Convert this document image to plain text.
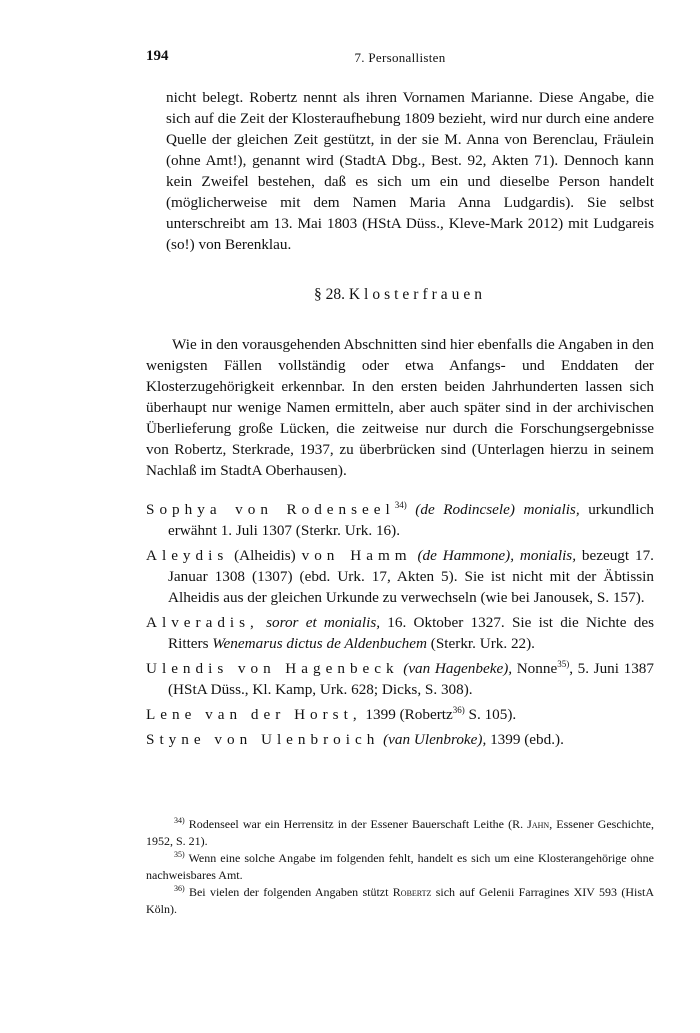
194	7. Personallisten

nicht belegt. Robertz nennt als ihren Vornamen Marianne. Diese Angabe, die sich auf die Zeit der Klosteraufhebung 1809 bezieht, wird nur durch eine andere Quelle der gleichen Zeit gestützt, in der sie M. Anna von Berenclau, Fräulein (ohne Amt!), genannt wird (StadtA Dbg., Best. 92, Akten 71). Dennoch kann kein Zweifel bestehen, daß es sich um ein und dieselbe Person handelt (möglicherweise mit dem Namen Maria Anna Ludgardis). Sie selbst unterschreibt am 13. Mai 1803 (HStA Düss., Kleve-Mark 2012) mit Ludgareis (so!) von Berenklau.

§ 28. Klosterfrauen

Wie in den vorausgehenden Abschnitten sind hier ebenfalls die Angaben in den wenigsten Fällen vollständig oder etwa Anfangs- und Enddaten der Klosterzugehörigkeit erkennbar. In den ersten beiden Jahrhunderten lassen sich überhaupt nur wenige Namen ermitteln, aber auch später sind in der archivischen Überlieferung große Lücken, die zeitweise nur durch die Forschungsergebnisse von Robertz, Sterkrade, 1937, zu überbrücken sind (Unterlagen hierzu in seinem Nachlaß im StadtA Oberhausen).

Sophya von Rodenseel$^{34)}$ (de Rodincsele) monialis, urkundlich erwähnt 1. Juli 1307 (Sterkr. Urk. 16).

Aleydis (Alheidis) von Hamm (de Hammone), monialis, bezeugt 17. Januar 1308 (1307) (ebd. Urk. 17, Akten 5). Sie ist nicht mit der Äbtissin Alheidis aus der gleichen Urkunde zu verwechseln (wie bei Janousek, S. 157).

Alveradis, soror et monialis, 16. Oktober 1327. Sie ist die Nichte des Ritters Wenemarus dictus de Aldenbuchem (Sterkr. Urk. 22).

Ulendis von Hagenbeck (van Hagenbeke), Nonne$^{35)}$, 5. Juni 1387 (HStA Düss., Kl. Kamp, Urk. 628; Dicks, S. 308).

Lene van der Horst, 1399 (Robertz$^{36)}$ S. 105).

Styne von Ulenbroich (van Ulenbroke), 1399 (ebd.).

$^{34)}$ Rodenseel war ein Herrensitz in der Essener Bauerschaft Leithe (R. Jahn, Essener Geschichte, 1952, S. 21).

$^{35)}$ Wenn eine solche Angabe im folgenden fehlt, handelt es sich um eine Klosterangehörige ohne nachweisbares Amt.

$^{36)}$ Bei vielen der folgenden Angaben stützt Robertz sich auf Gelenii Farragines XIV 593 (HistA Köln).
